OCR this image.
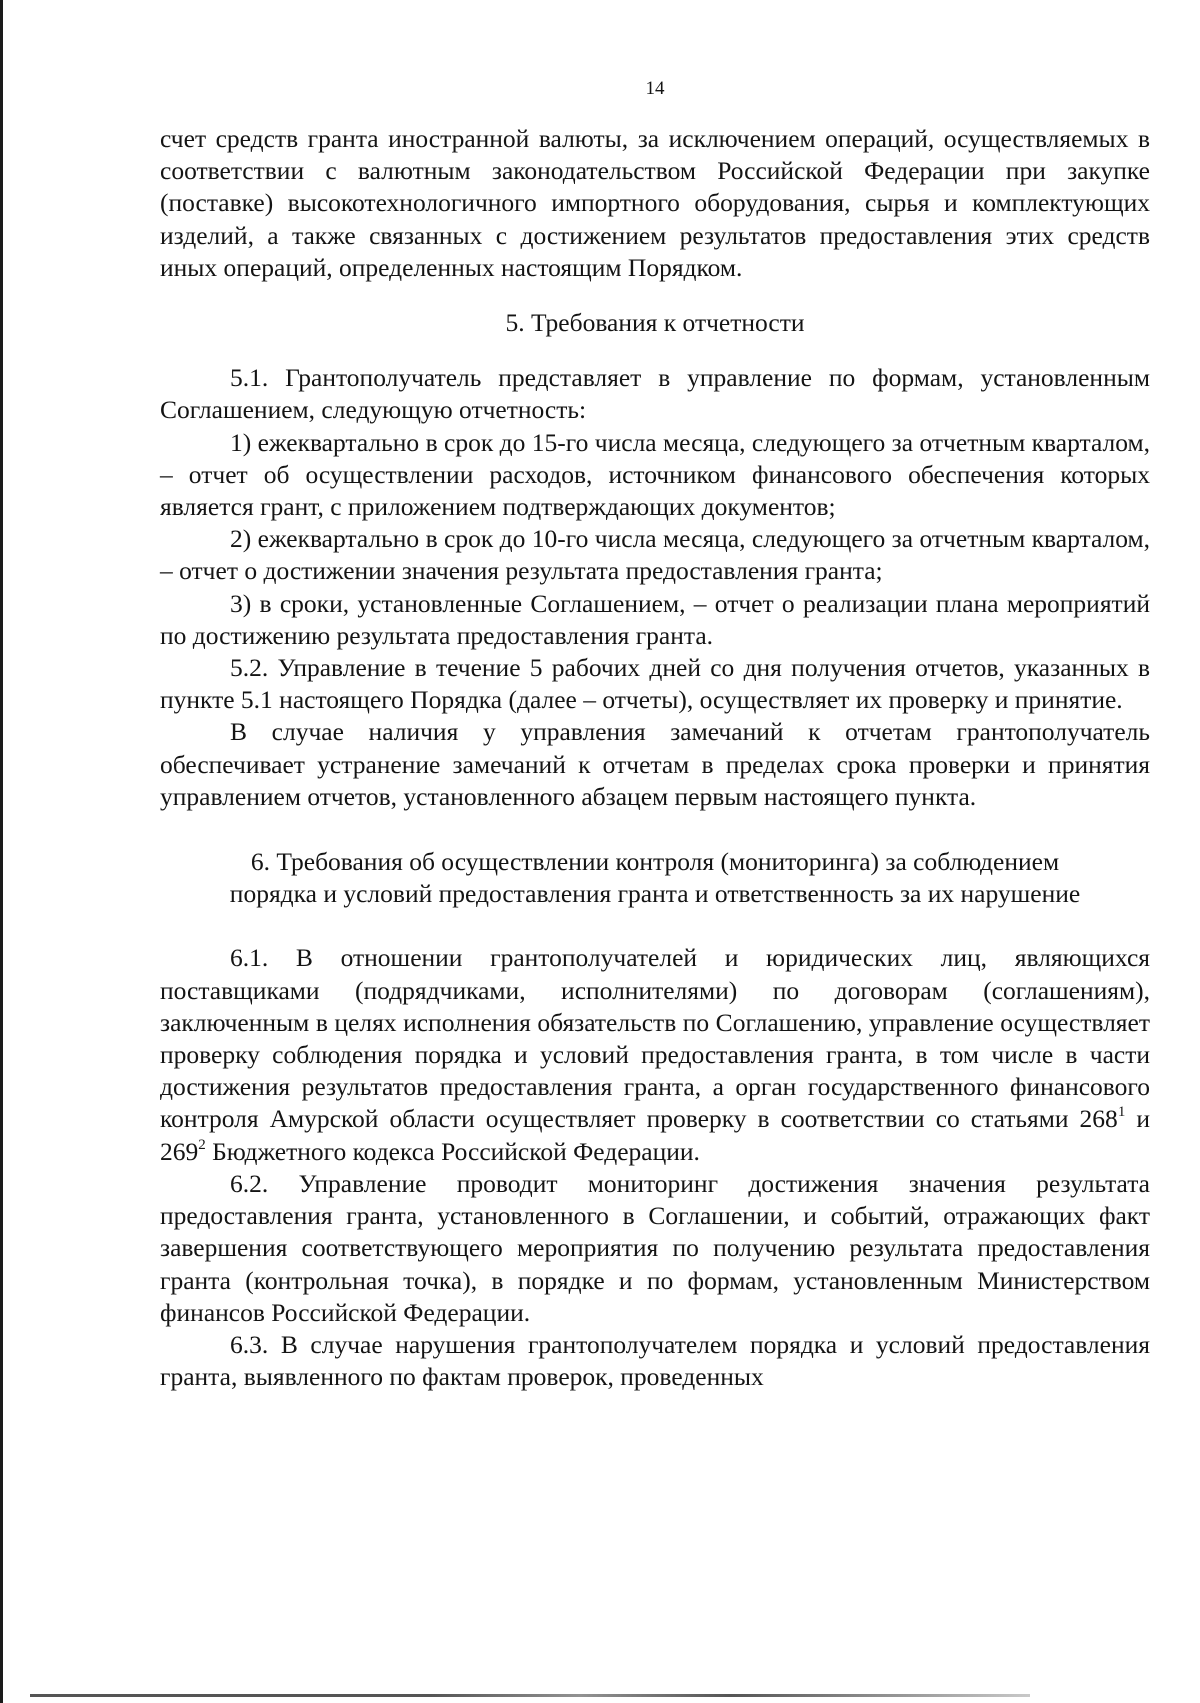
14

счет средств гранта иностранной валюты, за исключением операций, осуществляемых в соответствии с валютным законодательством Российской Федерации при закупке (поставке) высокотехнологичного импортного оборудования, сырья и комплектующих изделий, а также связанных с достижением результатов предоставления этих средств иных операций, определенных настоящим Порядком.

5. Требования к отчетности

5.1. Грантополучатель представляет в управление по формам, установленным Соглашением, следующую отчетность:

1) ежеквартально в срок до 15-го числа месяца, следующего за отчетным кварталом, – отчет об осуществлении расходов, источником финансового обеспечения которых является грант, с приложением подтверждающих документов;

2) ежеквартально в срок до 10-го числа месяца, следующего за отчетным кварталом, – отчет о достижении значения результата предоставления гранта;

3) в сроки, установленные Соглашением, – отчет о реализации плана мероприятий по достижению результата предоставления гранта.

5.2. Управление в течение 5 рабочих дней со дня получения отчетов, указанных в пункте 5.1 настоящего Порядка (далее – отчеты), осуществляет их проверку и принятие.

В случае наличия у управления замечаний к отчетам грантополучатель обеспечивает устранение замечаний к отчетам в пределах срока проверки и принятия управлением отчетов, установленного абзацем первым настоящего пункта.

6. Требования об осуществлении контроля (мониторинга) за соблюдением
порядка и условий предоставления гранта и ответственность за их нарушение

6.1. В отношении грантополучателей и юридических лиц, являющихся поставщиками (подрядчиками, исполнителями) по договорам (соглашениям), заключенным в целях исполнения обязательств по Соглашению, управление осуществляет проверку соблюдения порядка и условий предоставления гранта, в том числе в части достижения результатов предоставления гранта, а орган государственного финансового контроля Амурской области осуществляет проверку в соответствии со статьями $268^1$ и $269^2$ Бюджетного кодекса Российской Федерации.

6.2. Управление проводит мониторинг достижения значения результата предоставления гранта, установленного в Соглашении, и событий, отражающих факт завершения соответствующего мероприятия по получению результата предоставления гранта (контрольная точка), в порядке и по формам, установленным Министерством финансов Российской Федерации.

6.3. В случае нарушения грантополучателем порядка и условий предоставления гранта, выявленного по фактам проверок, проведенных
